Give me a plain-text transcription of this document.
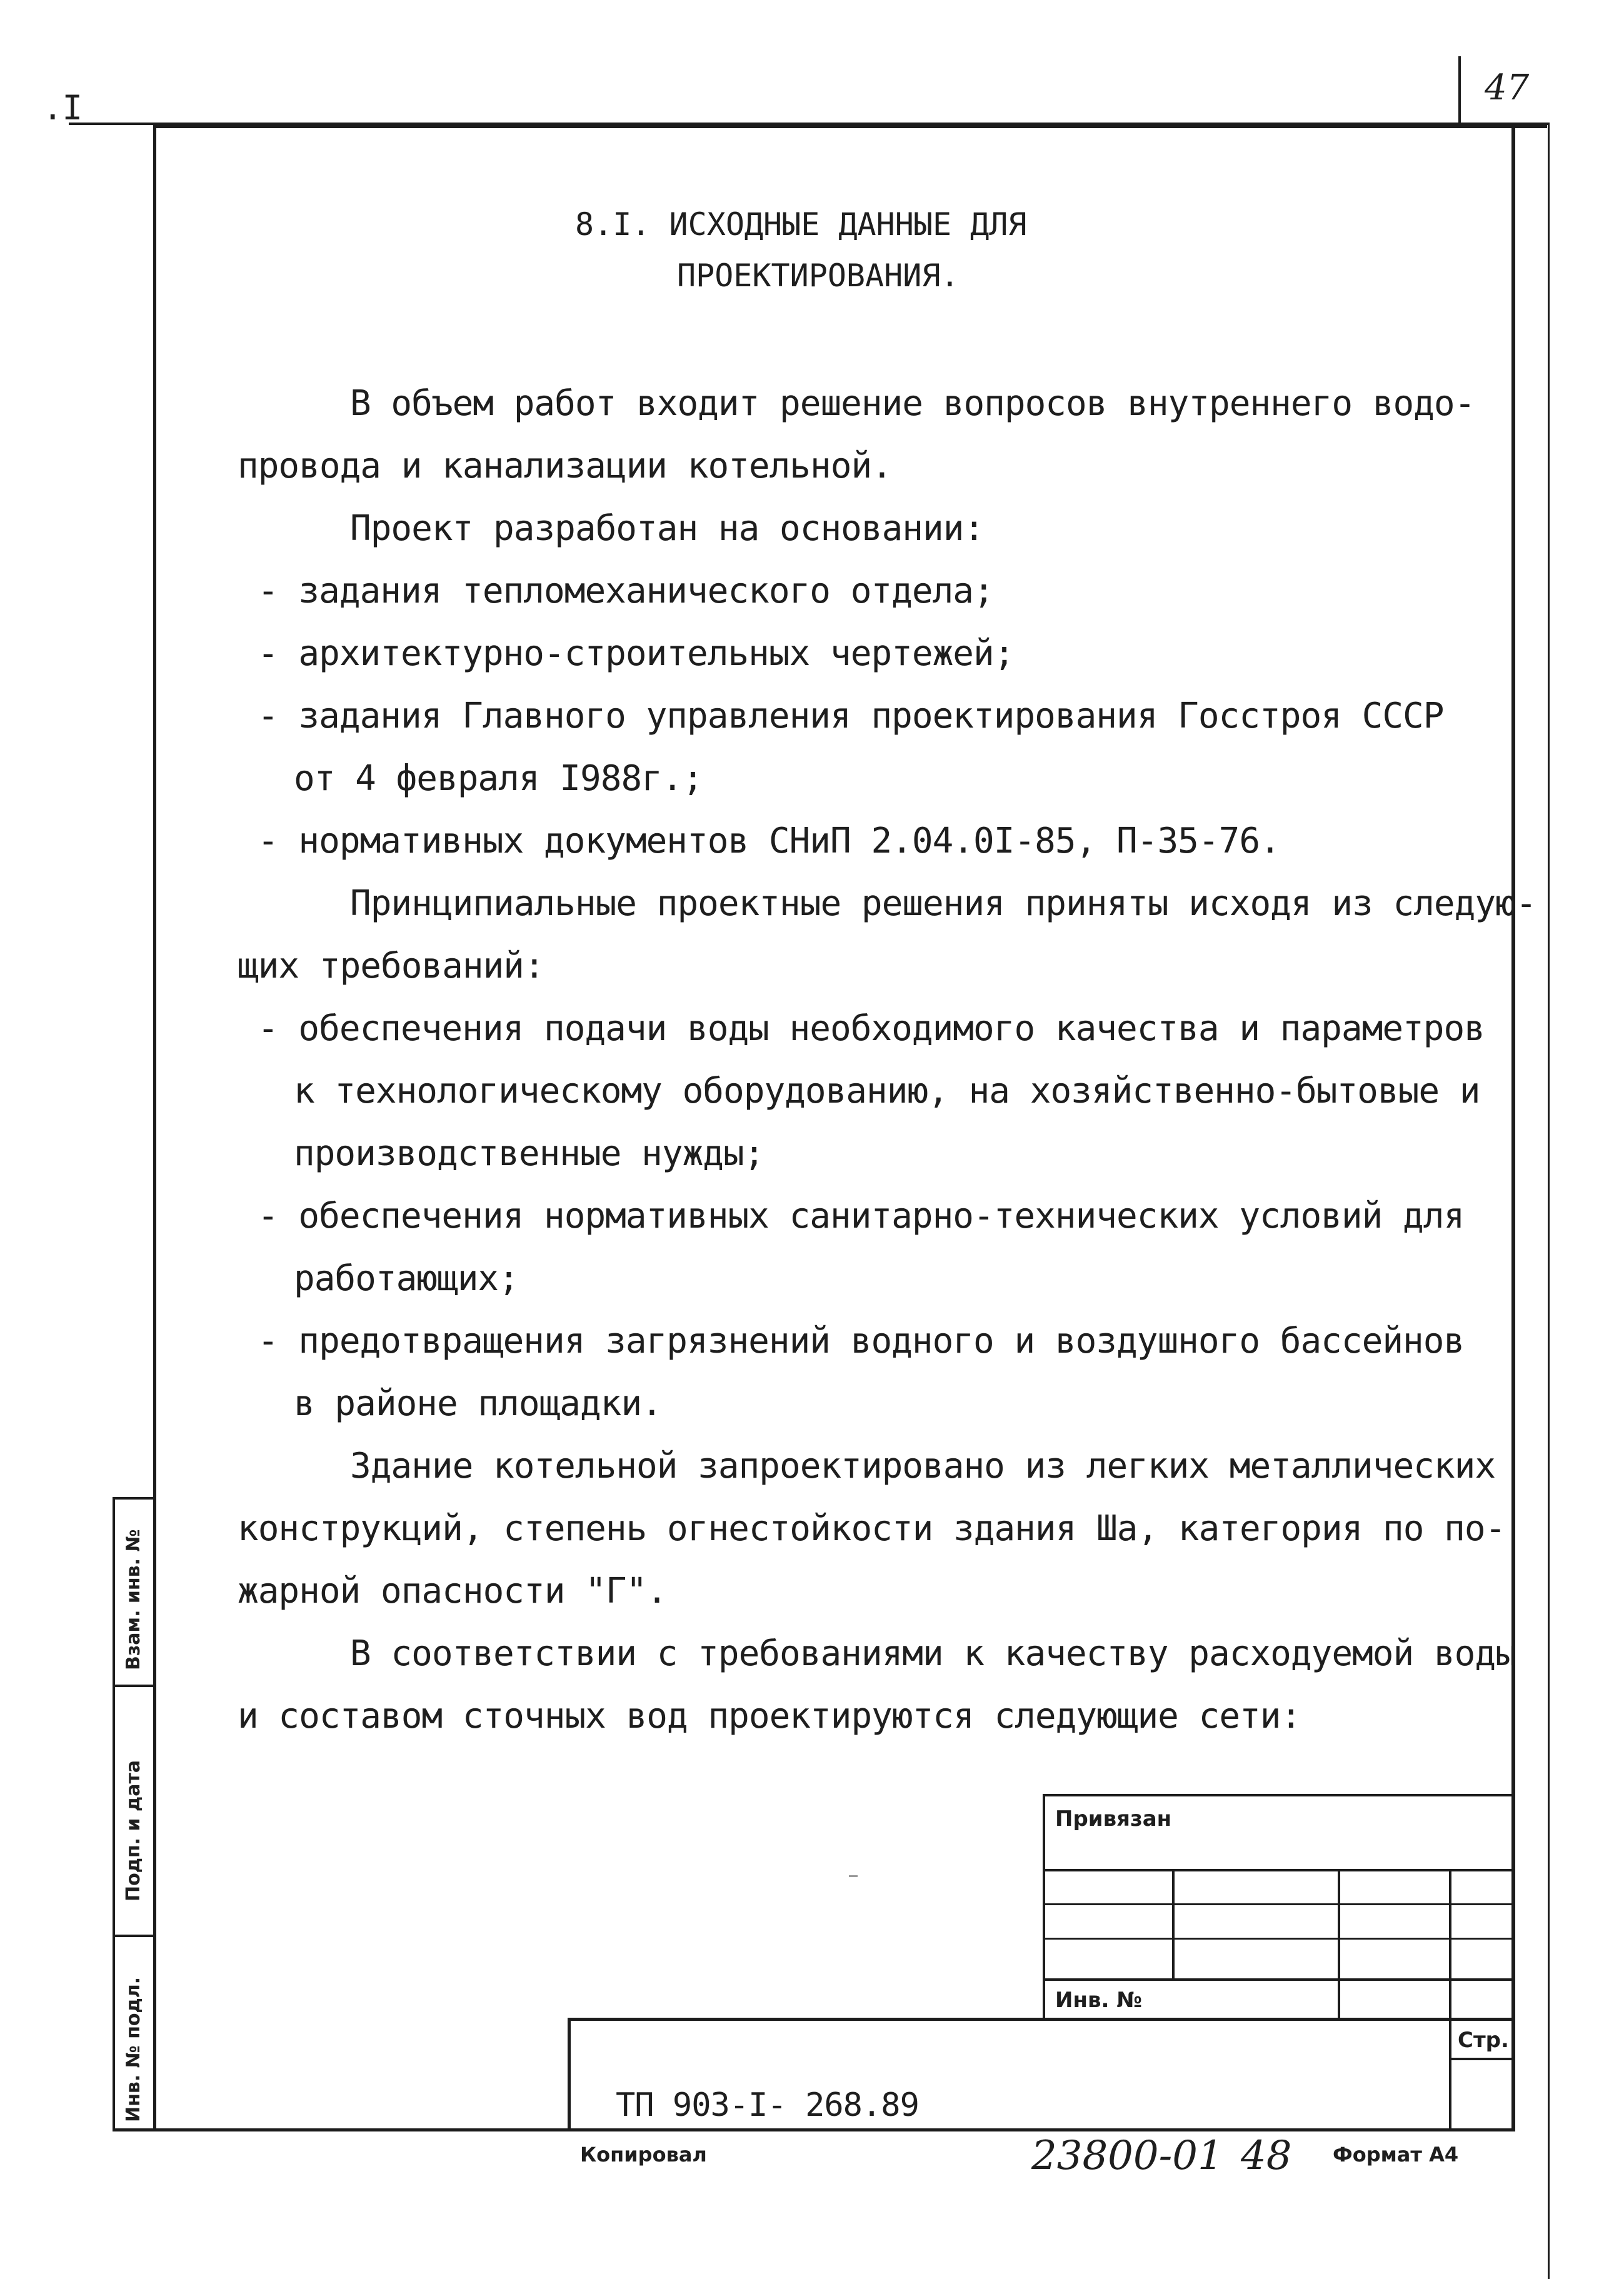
47
.I
8.I. ИСХОДНЫЕ ДАННЫЕ ДЛЯ
ПРОЕКТИРОВАНИЯ.
В объем работ входит решение вопросов внутреннего водо-
провода и канализации котельной.
Проект разработан на основании:
- задания тепломеханического отдела;
- архитектурно-строительных чертежей;
- задания Главного управления проектирования Госстроя СССР
от 4 февраля I988г.;
- нормативных документов СНиП 2.04.0I-85, П-35-76.
Принципиальные проектные решения приняты исходя из следую-
щих требований:
- обеспечения подачи воды необходимого качества и параметров
к технологическому оборудованию, на хозяйственно-бытовые и
производственные нужды;
- обеспечения нормативных санитарно-технических условий для
работающих;
- предотвращения загрязнений водного и воздушного бассейнов
в районе площадки.
Здание котельной запроектировано из легких металлических
конструкций, степень огнестойкости здания Ша, категория по по-
жарной опасности "Г".
В соответствии с требованиями к качеству расходуемой воды
и составом сточных вод проектируются следующие сети:
Взам. инв. №
Подп. и дата
Инв. № подл.
Привязан
Инв. №
Стр.
ТП 903-I- 268.89
Копировал	23800-01 48 Формат А4
